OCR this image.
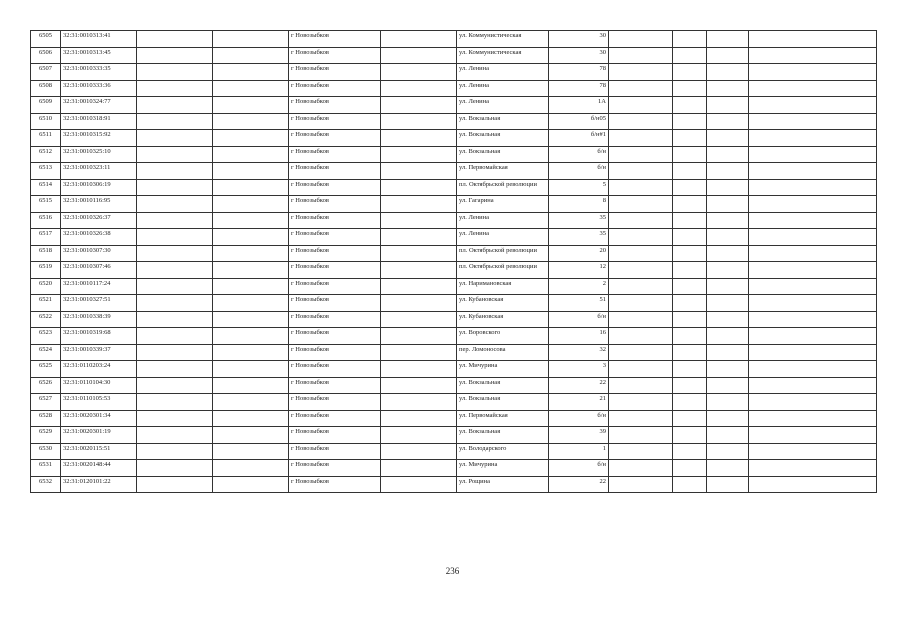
6505	32:31:0010313:41			г Новозыбков		ул. Коммунистическая	30				
6506	32:31:0010313:45			г Новозыбков		ул. Коммунистическая	30				
6507	32:31:0010333:35			г Новозыбков		ул. Ленина	78				
6508	32:31:0010333:36			г Новозыбков		ул. Ленина	78				
6509	32:31:0010324:77			г Новозыбков		ул. Ленина	1А				
6510	32:31:0010318:91			г Новозыбков		ул. Вокзальная	б/н05				
6511	32:31:0010315:92			г Новозыбков		ул. Вокзальная	б/н#1				
6512	32:31:0010325:10			г Новозыбков		ул. Вокзальная	б/н				
6513	32:31:0010323:11			г Новозыбков		ул. Первомайская	б/н				
6514	32:31:0010306:19			г Новозыбков		пл. Октябрьской революции	5				
6515	32:31:0010116:95			г Новозыбков		ул. Гагарина	8				
6516	32:31:0010326:37			г Новозыбков		ул. Ленина	35				
6517	32:31:0010326:38			г Новозыбков		ул. Ленина	35				
6518	32:31:0010307:30			г Новозыбков		пл. Октябрьской революции	20				
6519	32:31:0010307:46			г Новозыбков		пл. Октябрьской революции	12				
6520	32:31:0010117:24			г Новозыбков		ул. Наримановская	2				
6521	32:31:0010327:51			г Новозыбков		ул. Кубановская	51				
6522	32:31:0010338:39			г Новозыбков		ул. Кубановская	б/н				
6523	32:31:0010319:68			г Новозыбков		ул. Воровского	16				
6524	32:31:0010339:37			г Новозыбков		пер. Ломоносова	32				
6525	32:31:0110203:24			г Новозыбков		ул. Мичурина	3				
6526	32:31:0110104:30			г Новозыбков		ул. Вокзальная	22				
6527	32:31:0110105:53			г Новозыбков		ул. Вокзальная	21				
6528	32:31:0020301:34			г Новозыбков		ул. Первомайская	б/н				
6529	32:31:0020301:19			г Новозыбков		ул. Вокзальная	39				
6530	32:31:0020115:51			г Новозыбков		ул. Володарского	1				
6531	32:31:0020148:44			г Новозыбков		ул. Мичурина	б/н				
6532	32:31:0120101:22			г Новозыбков		ул. Рощина	22				
236
